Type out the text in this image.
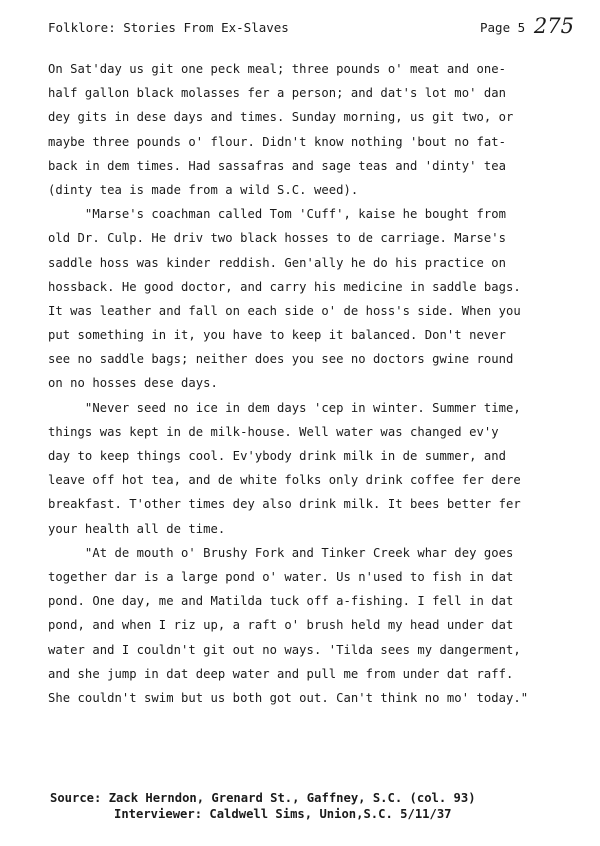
Folklore: Stories From Ex-Slaves	Page 5 275
On Sat'day us git one peck meal; three pounds o' meat and one-
half gallon black molasses fer a person; and dat's lot mo' dan
dey gits in dese days and times. Sunday morning, us git two, or
maybe three pounds o' flour. Didn't know nothing 'bout no fat-
back in dem times. Had sassafras and sage teas and 'dinty' tea
(dinty tea is made from a wild S.C. weed).
"Marse's coachman called Tom 'Cuff', kaise he bought from
old Dr. Culp. He driv two black hosses to de carriage. Marse's
saddle hoss was kinder reddish. Gen'ally he do his practice on
hossback. He good doctor, and carry his medicine in saddle bags.
It was leather and fall on each side o' de hoss's side. When you
put something in it, you have to keep it balanced. Don't never
see no saddle bags; neither does you see no doctors gwine round
on no hosses dese days.
"Never seed no ice in dem days 'cep in winter. Summer time,
things was kept in de milk-house. Well water was changed ev'y
day to keep things cool. Ev'ybody drink milk in de summer, and
leave off hot tea, and de white folks only drink coffee fer dere
breakfast. T'other times dey also drink milk. It bees better fer
your health all de time.
"At de mouth o' Brushy Fork and Tinker Creek whar dey goes
together dar is a large pond o' water. Us n'used to fish in dat
pond. One day, me and Matilda tuck off a-fishing. I fell in dat
pond, and when I riz up, a raft o' brush held my head under dat
water and I couldn't git out no ways. 'Tilda sees my dangerment,
and she jump in dat deep water and pull me from under dat raff.
She couldn't swim but us both got out. Can't think no mo' today."
Source: Zack Herndon, Grenard St., Gaffney, S.C. (col. 93)
Interviewer: Caldwell Sims, Union,S.C. 5/11/37
